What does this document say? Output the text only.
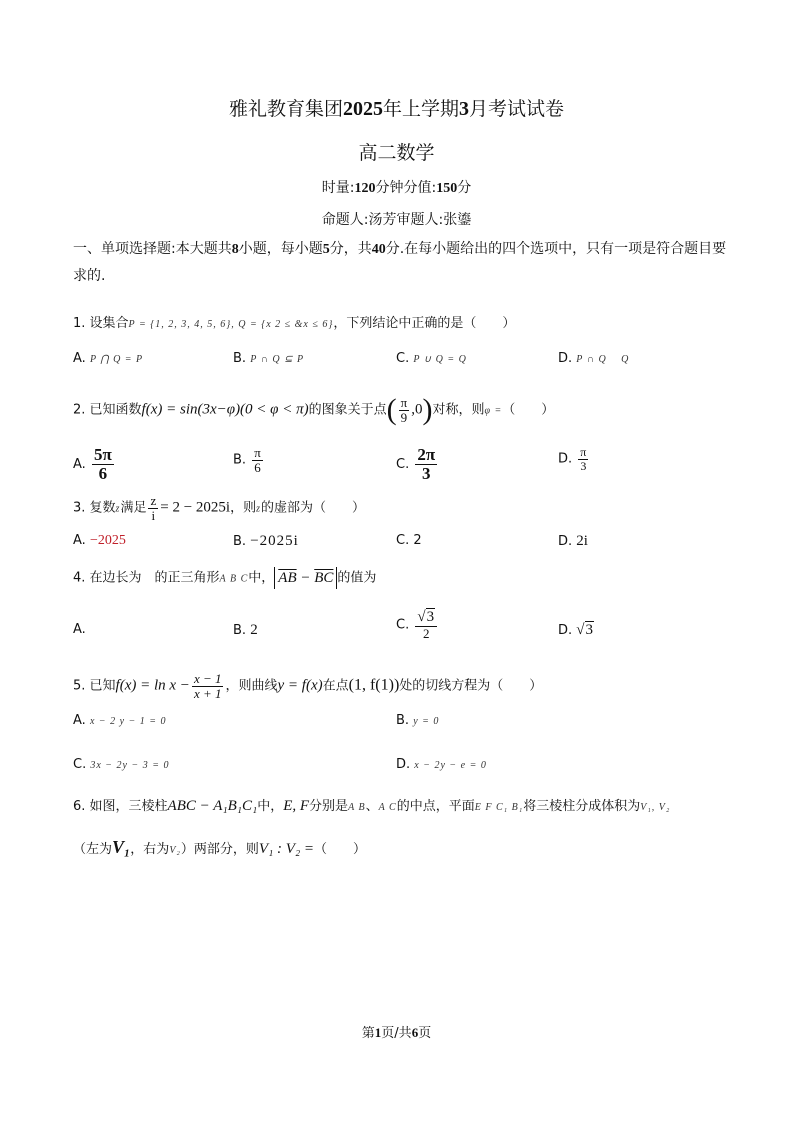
雅礼教育集团2025年上学期3月考试试卷
高二数学
时量:120分钟分值:150分
命题人:汤芳审题人:张鎏
一、单项选择题:本大题共8小题，每小题5分，共40分.在每小题给出的四个选项中，只有一项是符合题目要求的.
1. 设集合P = {1, 2, 3, 4, 5, 6}, Q = {x 2 ≤ &x ≤ 6}，下列结论中正确的是（　　）
A. P ⋂ Q = P	B. P ∩ Q ⊆ P	C. P ∪ Q = Q	D. P ∩ Q 　Q
2. 已知函数f(x) = sin(3x−φ)(0 < φ < π)的图象关于点( $\frac{\pi}{9} ,0$)对称，则φ =（　　）
A. $\frac{5\pi}{6}$	B. $\frac{\pi}{6}$	C. $\frac{2\pi}{3}$	D. $\frac{\pi}{3}$
3. 复数z满足 $\frac{z}{i} = 2 - 2025i$，则z的虚部为（　　）
A. −2025	B. −2025i	C. 2	D. 2i
4. 在边长为　的正三角形A B C中， $\overline{AB} - \overline{BC}$ 的值为
A.	B. 2	C. $\frac{√3}{2}$	D. √3
5. 已知$f(x) = \ln x - \frac{x - 1}{x + 1}$ ，则曲线y = f(x)在点(1, f(1))处的切线方程为（　　）
A. x − 2 y − 1 = 0	B. y = 0
C. 3x − 2y − 3 = 0	D. x − 2y − e = 0
6. 如图，三棱柱ABC − A₁B₁C₁中，E, F分别是A B、A C的中点，平面E F C₁ B₁将三棱柱分成体积为V₁, V₂
（左为V₁，右为V₂）两部分，则V₁ : V₂ =（　　）
第1页/共6页
